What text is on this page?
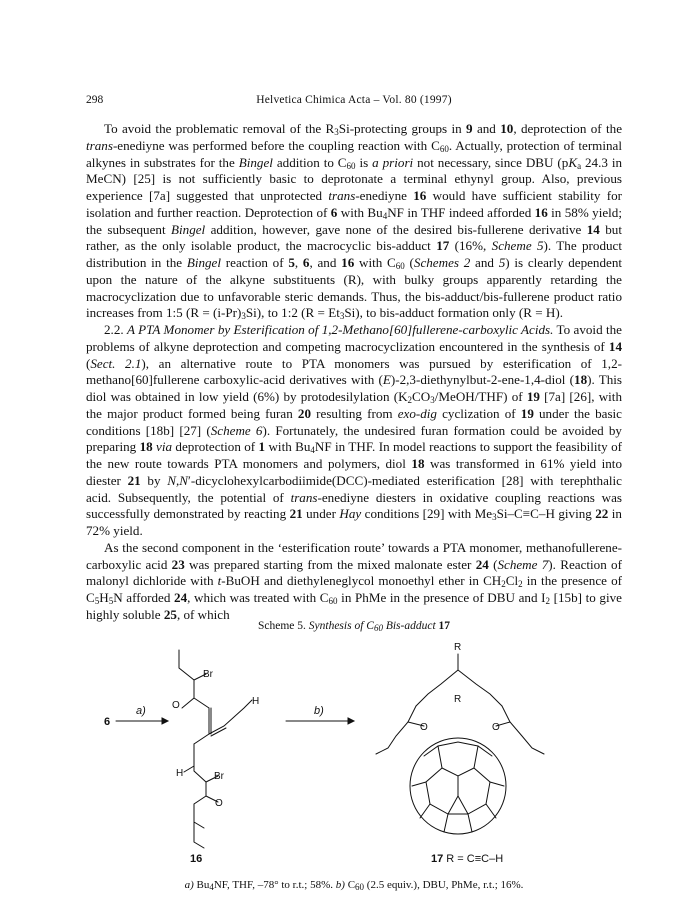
298	Helvetica Chimica Acta – Vol. 80 (1997)

To avoid the problematic removal of the $R_3Si$-protecting groups in 9 and 10, deprotection of the trans-enediyne was performed before the coupling reaction with $C_{60}$. Actually, protection of terminal alkynes in substrates for the Bingel addition to $C_{60}$ is a priori not necessary, since DBU ($pK_a$ 24.3 in MeCN) [25] is not sufficiently basic to deprotonate a terminal ethynyl group. Also, previous experience [7a] suggested that unprotected trans-enediyne 16 would have sufficient stability for isolation and further reaction. Deprotection of 6 with $Bu_4NF$ in THF indeed afforded 16 in 58% yield; the subsequent Bingel addition, however, gave none of the desired bis-fullerene derivative 14 but rather, as the only isolable product, the macrocyclic bis-adduct 17 (16%, Scheme 5). The product distribution in the Bingel reaction of 5, 6, and 16 with $C_{60}$ (Schemes 2 and 5) is clearly dependent upon the nature of the alkyne substituents (R), with bulky groups apparently retarding the macrocyclization due to unfavorable steric demands. Thus, the bis-adduct/bis-fullerene product ratio increases from 1:5 $(R = (i-Pr)_3Si)$, to 1:2 $(R = Et_3Si)$, to bis-adduct formation only (R = H).

2.2. A PTA Monomer by Esterification of 1,2-Methano[60]fullerene-carboxylic Acids. To avoid the problems of alkyne deprotection and competing macrocyclization encountered in the synthesis of 14 (Sect. 2.1), an alternative route to PTA monomers was pursued by esterification of 1,2-methano[60]fullerene carboxylic-acid derivatives with (E)-2,3-diethynylbut-2-ene-1,4-diol (18). This diol was obtained in low yield (6%) by protodesilylation $(K_2CO_3/MeOH/THF)$ of 19 [7a] [26], with the major product formed being furan 20 resulting from exo-dig cyclization of 19 under the basic conditions [18b] [27] (Scheme 6). Fortunately, the undesired furan formation could be avoided by preparing 18 via deprotection of 1 with $Bu_4NF$ in THF. In model reactions to support the feasibility of the new route towards PTA monomers and polymers, diol 18 was transformed in 61% yield into diester 21 by N,N′-dicyclohexylcarbodiimide(DCC)-mediated esterification [28] with terephthalic acid. Subsequently, the potential of trans-enediyne diesters in oxidative coupling reactions was successfully demonstrated by reacting 21 under Hay conditions [29] with $Me_3Si-C\equiv C-H$ giving 22 in 72% yield.

As the second component in the ‘esterification route’ towards a PTA monomer, methanofullerene-carboxylic acid 23 was prepared starting from the mixed malonate ester 24 (Scheme 7). Reaction of malonyl dichloride with t-BuOH and diethyleneglycol monoethyl ether in $CH_2Cl_2$ in the presence of $C_5H_5N$ afforded 24, which was treated with $C_{60}$ in PhMe in the presence of DBU and $I_2$ [15b] to give highly soluble 25, of which

Scheme 5. Synthesis of $C_{60}$ Bis-adduct 17
6
a)	b)
O
Br
H
H	Br
O
R
R
O	O
16	17 R = C≡C–H
a) $Bu_4NF$, THF, –78° to r.t.; 58%. b) $C_{60}$ (2.5 equiv.), DBU, PhMe, r.t.; 16%.
